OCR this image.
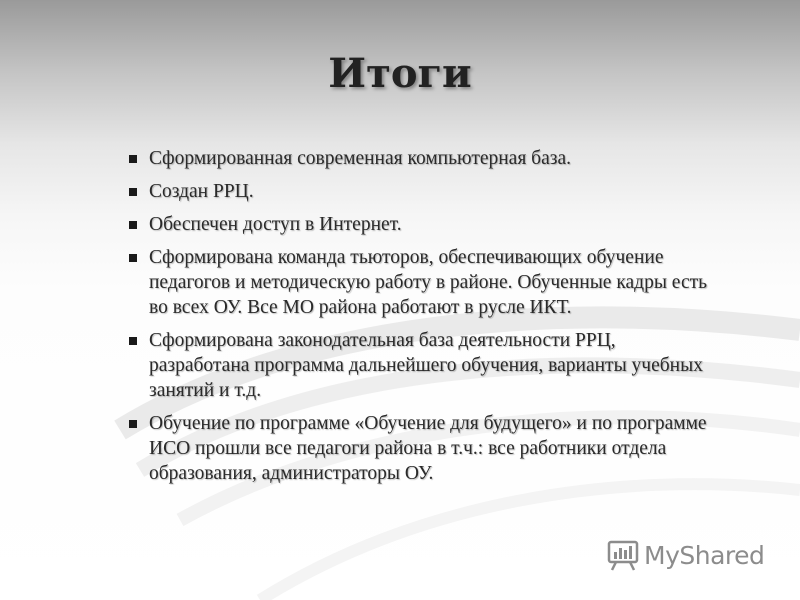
Итоги
Сформированная современная компьютерная база.
Создан РРЦ.
Обеспечен доступ в Интернет.
Сформирована команда тьюторов, обеспечивающих обучение педагогов и методическую работу в районе. Обученные кадры есть во всех ОУ. Все МО района работают в русле ИКТ.
Сформирована законодательная база деятельности РРЦ, разработана программа дальнейшего обучения, варианты учебных занятий и т.д.
Обучение по программе «Обучение для будущего» и по программе ИСО прошли все педагоги района в т.ч.: все работники отдела образования, администраторы ОУ.
MyShared
